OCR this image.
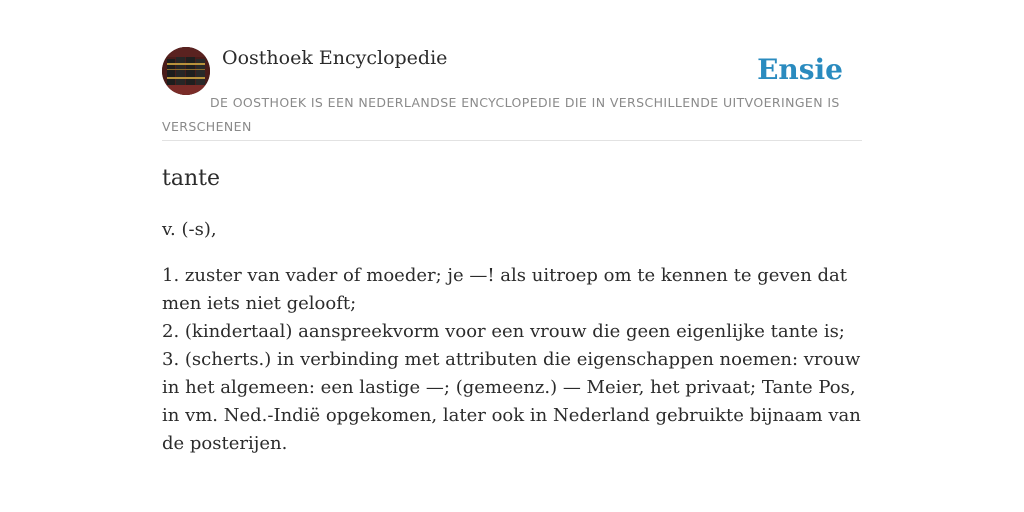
Oosthoek Encyclopedie	Ensie
DE OOSTHOEK IS EEN NEDERLANDSE ENCYCLOPEDIE DIE IN VERSCHILLENDE UITVOERINGEN IS VERSCHENEN
tante

v. (-s),

1. zuster van vader of moeder; je —! als uitroep om te kennen te geven dat men iets niet gelooft;
2. (kindertaal) aanspreekvorm voor een vrouw die geen eigenlijke tante is;
3. (scherts.) in verbinding met attributen die eigenschappen noemen: vrouw in het algemeen: een lastige —; (gemeenz.) — Meier, het privaat; Tante Pos, in vm. Ned.-Indië opgekomen, later ook in Nederland gebruikte bijnaam van de posterijen.
